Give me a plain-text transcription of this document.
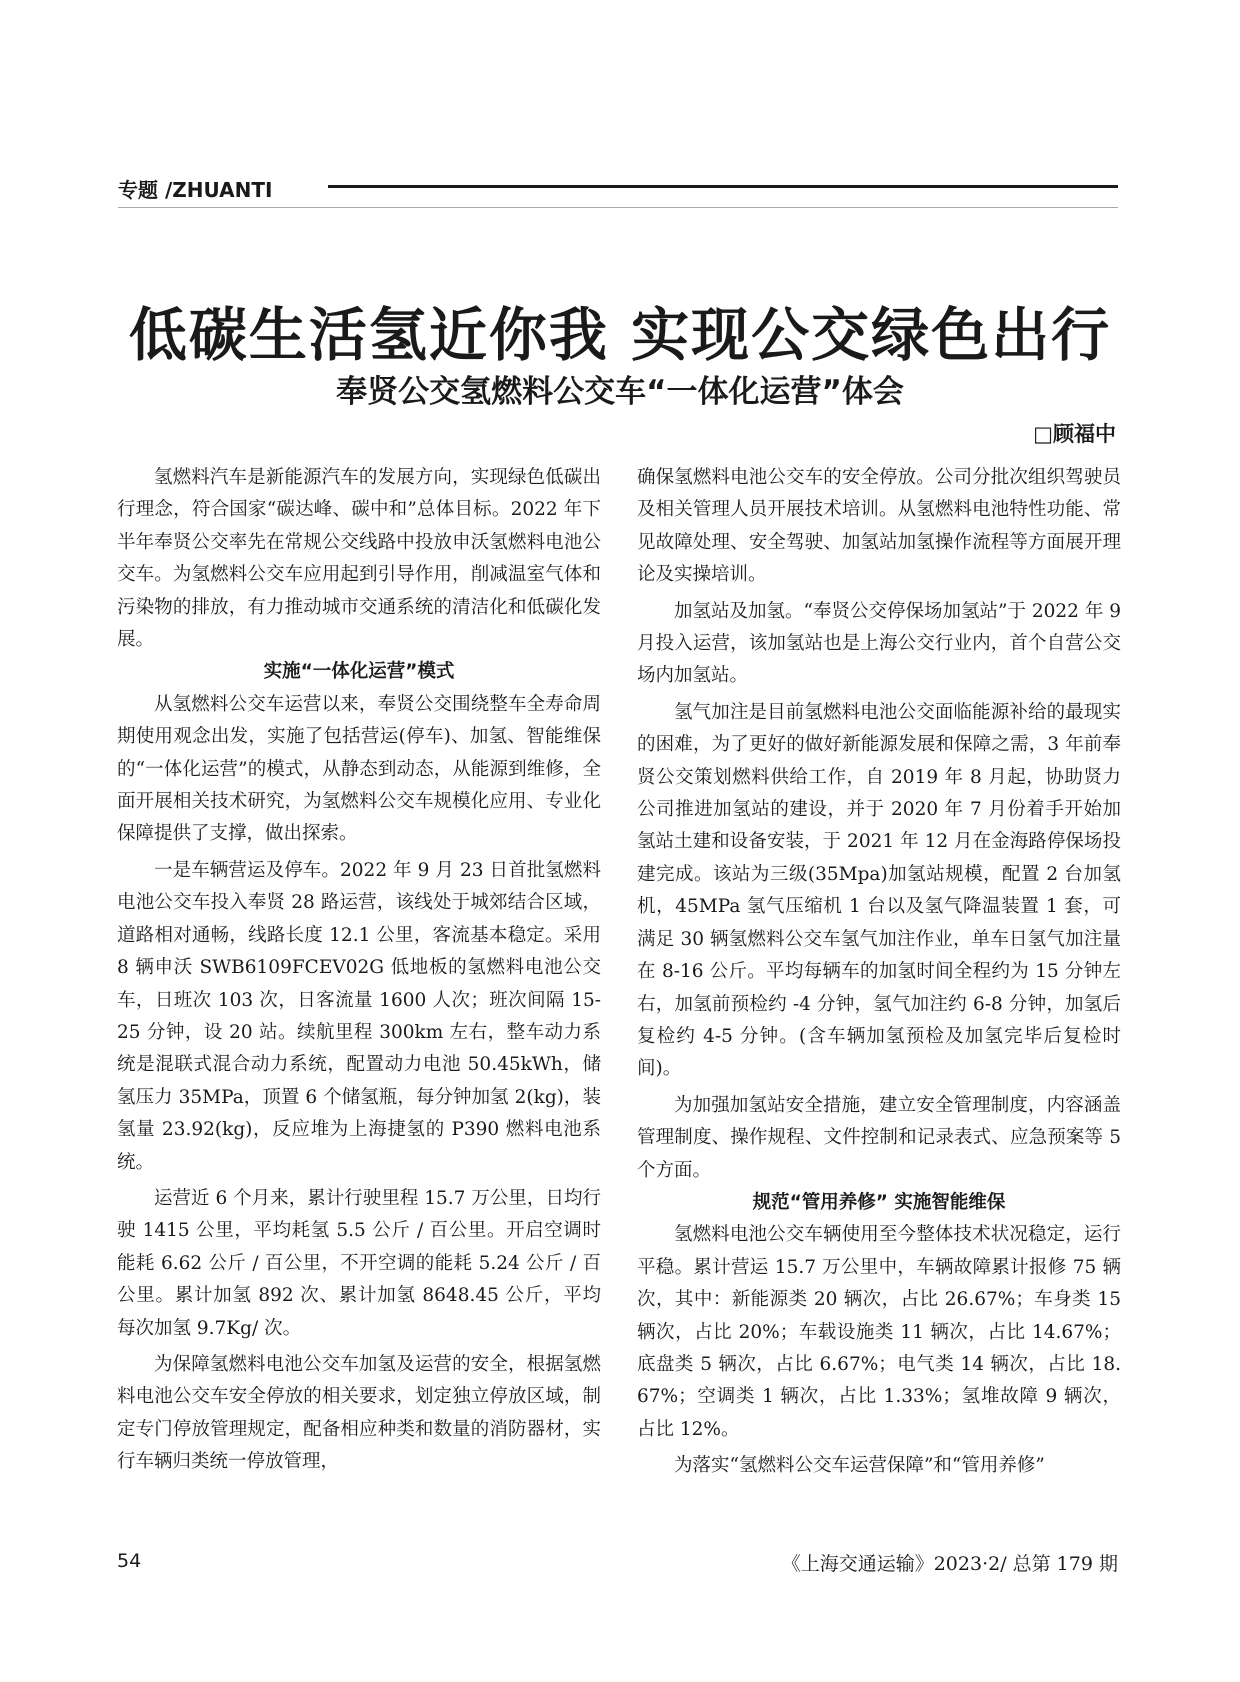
专题 /ZHUANTI
低碳生活氢近你我 实现公交绿色出行
奉贤公交氢燃料公交车“一体化运营”体会
□顾福中

氢燃料汽车是新能源汽车的发展方向，实现绿色低碳出行理念，符合国家“碳达峰、碳中和”总体目标。2022 年下半年奉贤公交率先在常规公交线路中投放申沃氢燃料电池公交车。为氢燃料公交车应用起到引导作用，削减温室气体和污染物的排放，有力推动城市交通系统的清洁化和低碳化发展。

实施“一体化运营”模式

从氢燃料公交车运营以来，奉贤公交围绕整车全寿命周期使用观念出发，实施了包括营运(停车)、加氢、智能维保的“一体化运营”的模式，从静态到动态，从能源到维修，全面开展相关技术研究，为氢燃料公交车规模化应用、专业化保障提供了支撑，做出探索。

一是车辆营运及停车。2022 年 9 月 23 日首批氢燃料电池公交车投入奉贤 28 路运营，该线处于城郊结合区域，道路相对通畅，线路长度 12.1 公里，客流基本稳定。采用 8 辆申沃 SWB6109FCEV02G 低地板的氢燃料电池公交车，日班次 103 次，日客流量 1600 人次；班次间隔 15-25 分钟，设 20 站。续航里程 300km 左右，整车动力系统是混联式混合动力系统，配置动力电池 50.45kWh，储氢压力 35MPa，顶置 6 个储氢瓶，每分钟加氢 2(kg)，装氢量 23.92(kg)，反应堆为上海捷氢的 P390 燃料电池系统。

运营近 6 个月来，累计行驶里程 15.7 万公里，日均行驶 1415 公里，平均耗氢 5.5 公斤 / 百公里。开启空调时能耗 6.62 公斤 / 百公里，不开空调的能耗 5.24 公斤 / 百公里。累计加氢 892 次、累计加氢 8648.45 公斤，平均每次加氢 9.7Kg/ 次。

为保障氢燃料电池公交车加氢及运营的安全，根据氢燃料电池公交车安全停放的相关要求，划定独立停放区域，制定专门停放管理规定，配备相应种类和数量的消防器材，实行车辆归类统一停放管理，

确保氢燃料电池公交车的安全停放。公司分批次组织驾驶员及相关管理人员开展技术培训。从氢燃料电池特性功能、常见故障处理、安全驾驶、加氢站加氢操作流程等方面展开理论及实操培训。

加氢站及加氢。“奉贤公交停保场加氢站”于 2022 年 9 月投入运营，该加氢站也是上海公交行业内，首个自营公交场内加氢站。

氢气加注是目前氢燃料电池公交面临能源补给的最现实的困难，为了更好的做好新能源发展和保障之需，3 年前奉贤公交策划燃料供给工作，自 2019 年 8 月起，协助贤力公司推进加氢站的建设，并于 2020 年 7 月份着手开始加氢站土建和设备安装，于 2021 年 12 月在金海路停保场投建完成。该站为三级(35Mpa)加氢站规模，配置 2 台加氢机，45MPa 氢气压缩机 1 台以及氢气降温装置 1 套，可满足 30 辆氢燃料公交车氢气加注作业，单车日氢气加注量在 8-16 公斤。平均每辆车的加氢时间全程约为 15 分钟左右，加氢前预检约 -4 分钟，氢气加注约 6-8 分钟，加氢后复检约 4-5 分钟。(含车辆加氢预检及加氢完毕后复检时间)。

为加强加氢站安全措施，建立安全管理制度，内容涵盖管理制度、操作规程、文件控制和记录表式、应急预案等 5 个方面。

规范“管用养修” 实施智能维保

氢燃料电池公交车辆使用至今整体技术状况稳定，运行平稳。累计营运 15.7 万公里中，车辆故障累计报修 75 辆次，其中：新能源类 20 辆次，占比 26.67%；车身类 15 辆次，占比 20%；车载设施类 11 辆次，占比 14.67%；底盘类 5 辆次，占比 6.67%；电气类 14 辆次，占比 18.67%；空调类 1 辆次，占比 1.33%；氢堆故障 9 辆次，占比 12%。

为落实“氢燃料公交车运营保障”和“管用养修”

54	《上海交通运输》2023·2/ 总第 179 期
